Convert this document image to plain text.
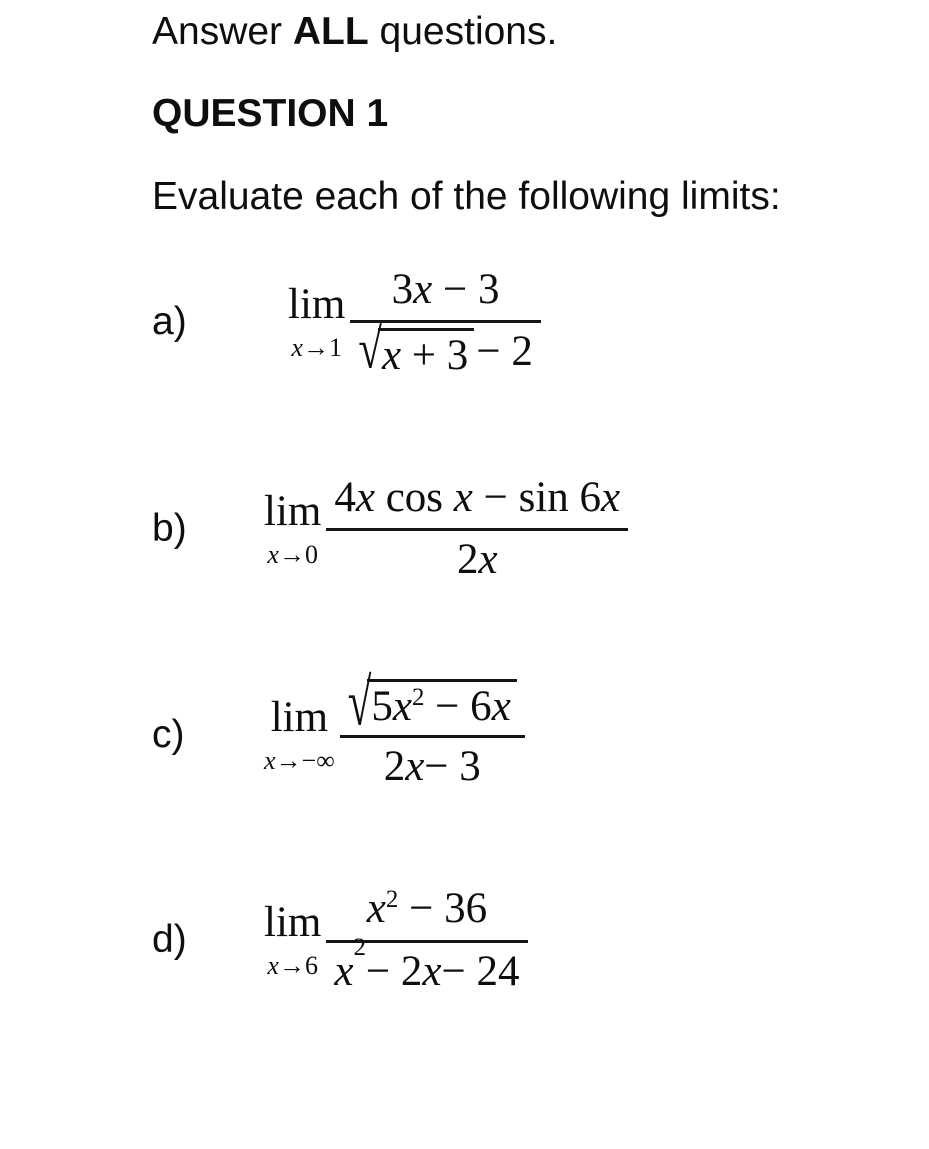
Answer ALL questions.
QUESTION 1
Evaluate each of the following limits:
a)	lim
$x\to 1 \frac{3x - 3}{√ x + 3 - 2}$
b)	lim
$x\to 0 \frac{\text{4x cos x − sin 6x}}{2 x}$
c)	lim
$x\to-\infty \frac{√ 5x^2 - 6x}{2 x - 3}$
d)	lim
x→6 $x^2 - 36$
x
2
− 2 x − 24
